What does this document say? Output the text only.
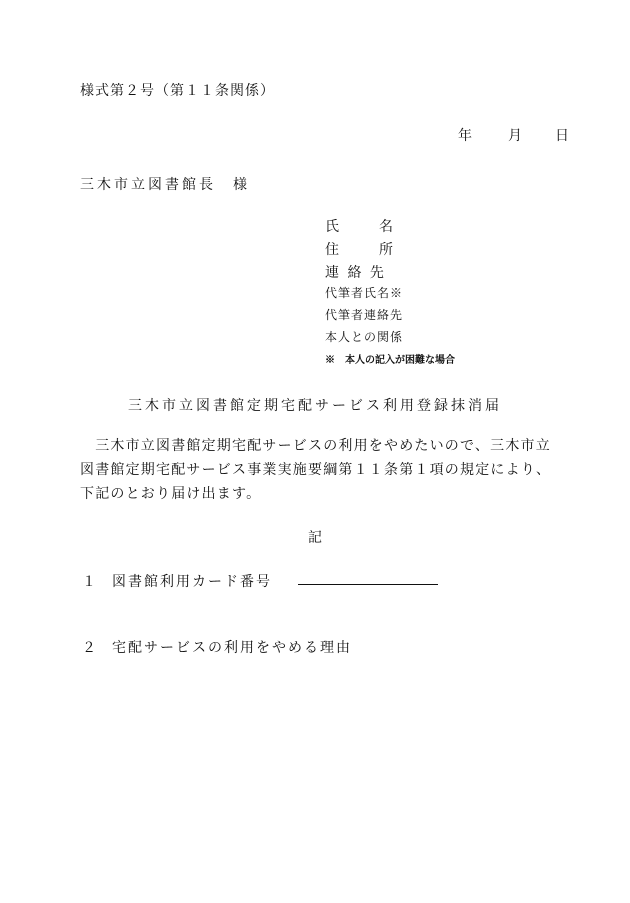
様式第２号（第１１条関係）
年	月 日
三木市立図書館長　様
氏　　名
住　　所
連 絡 先
代筆者氏名※
代筆者連絡先
本人との関係
※　本人の記入が困難な場合
三木市立図書館定期宅配サービス利用登録抹消届

　三木市立図書館定期宅配サービスの利用をやめたいので、三木市立

図書館定期宅配サービス事業実施要綱第１１条第１項の規定により、

下記のとおり届け出ます。

記
１ 図書館利用カード番号
２ 宅配サービスの利用をやめる理由
